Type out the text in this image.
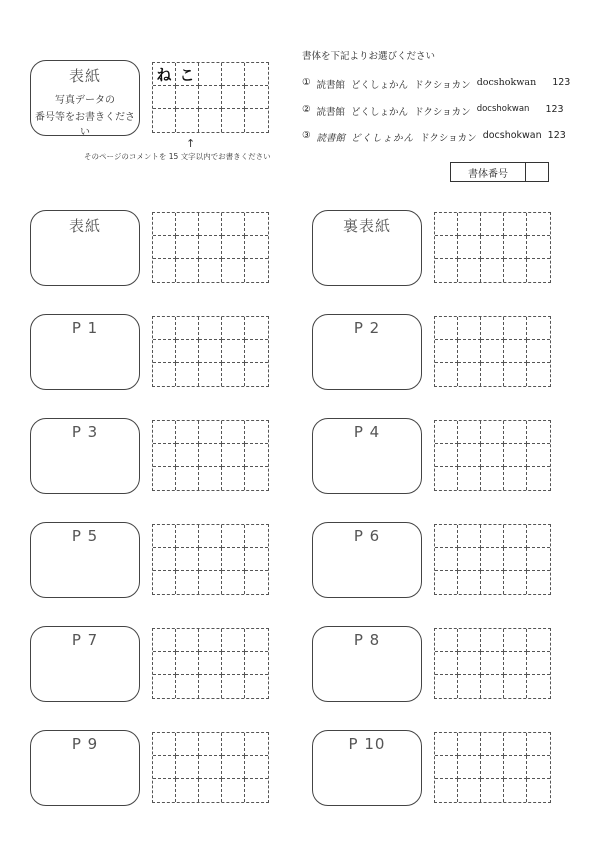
表紙
写真データの
番号等をお書きください
ね こ
↑
そのページのコメントを 15 文字以内でお書きください
書体を下記よりお選びください
① 読書館 どくしょかん ドクショカン docshokwan 123
② 読書館 どくしょかん ドクショカン docshokwan 123
③ 読書館 どくしょかん ドクショカン docshokwan 123
書体番号
表紙	裏表紙
P 1	P 2
P 3	P 4
P 5	P 6
P 7	P 8
P 9	P 10
